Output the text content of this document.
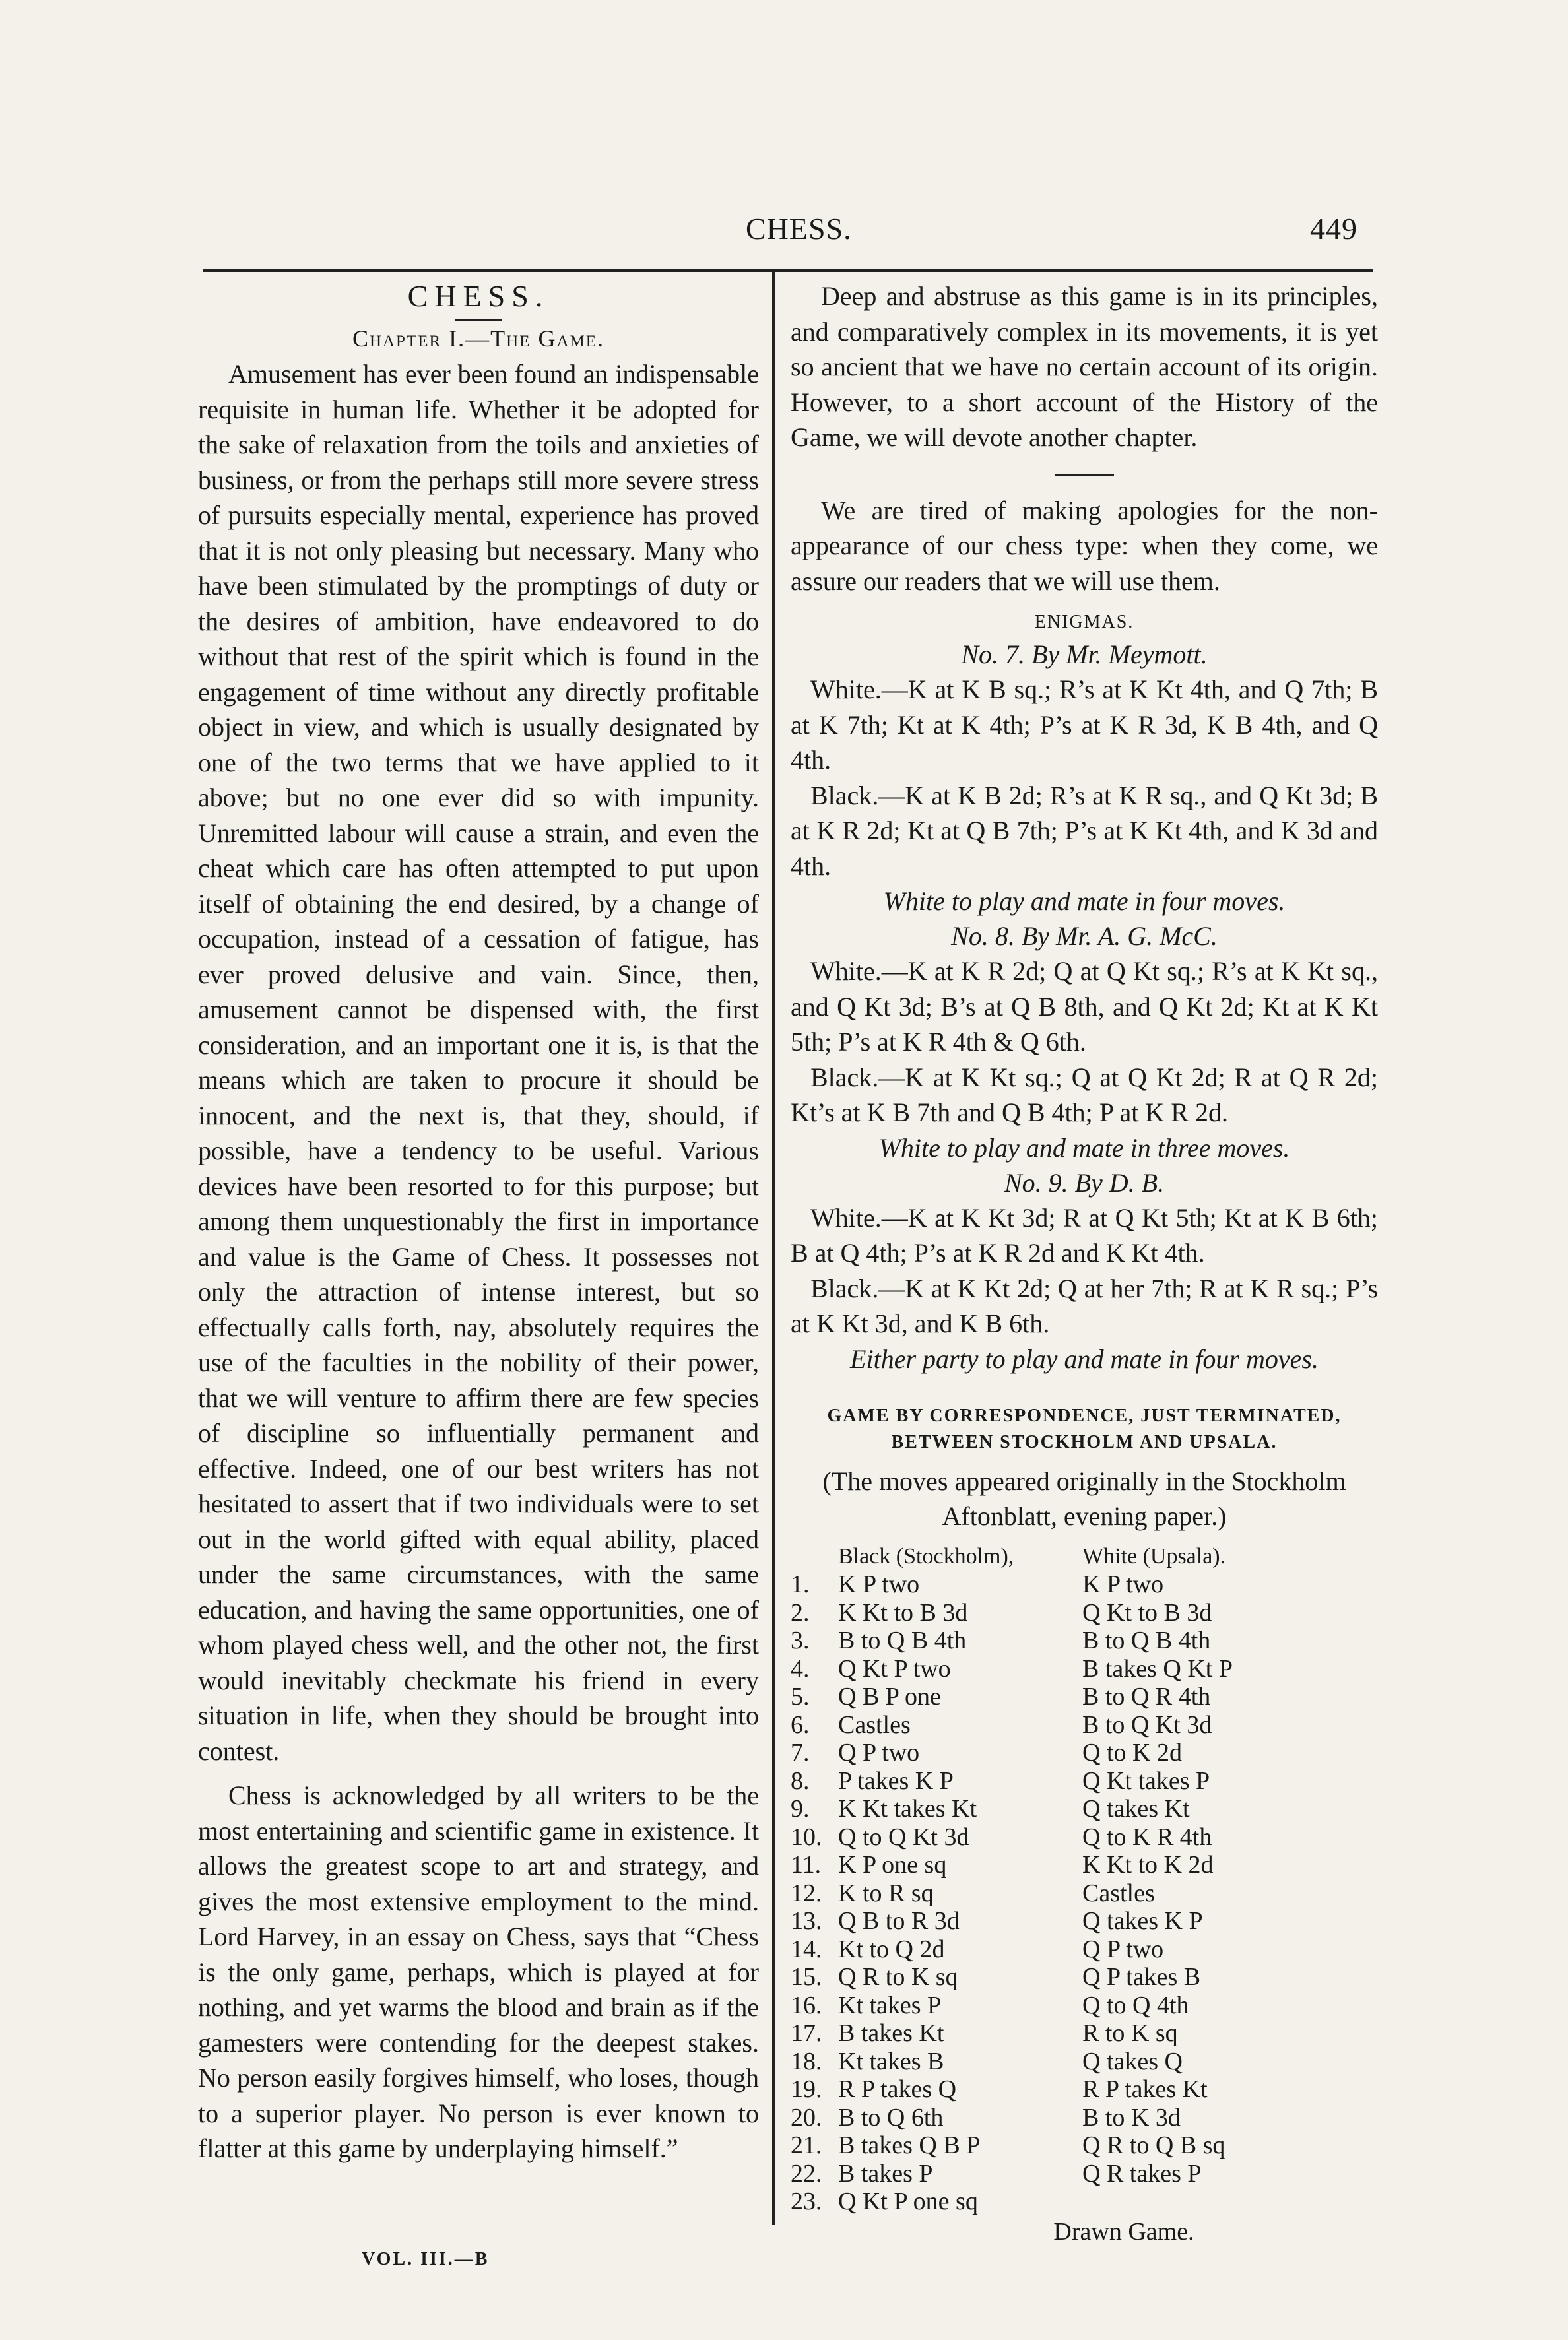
CHESS.	449
CHESS.
Chapter I.—The Game.

Amusement has ever been found an indispensable requisite in human life. Whether it be adopted for the sake of relaxation from the toils and anxieties of business, or from the perhaps still more severe stress of pursuits especially mental, experience has proved that it is not only pleasing but necessary. Many who have been stimulated by the promptings of duty or the desires of ambition, have endeavored to do without that rest of the spirit which is found in the engagement of time without any directly profitable object in view, and which is usually designated by one of the two terms that we have applied to it above; but no one ever did so with impunity. Unremitted labour will cause a strain, and even the cheat which care has often attempted to put upon itself of obtaining the end desired, by a change of occupation, instead of a cessation of fatigue, has ever proved delusive and vain. Since, then, amusement cannot be dispensed with, the first consideration, and an important one it is, is that the means which are taken to procure it should be innocent, and the next is, that they, should, if possible, have a tendency to be useful. Various devices have been resorted to for this purpose; but among them unquestionably the first in importance and value is the Game of Chess. It possesses not only the attraction of intense interest, but so effectually calls forth, nay, absolutely requires the use of the faculties in the nobility of their power, that we will venture to affirm there are few species of discipline so influentially permanent and effective. Indeed, one of our best writers has not hesitated to assert that if two individuals were to set out in the world gifted with equal ability, placed under the same circumstances, with the same education, and having the same opportunities, one of whom played chess well, and the other not, the first would inevitably checkmate his friend in every situation in life, when they should be brought into contest.

Chess is acknowledged by all writers to be the most entertaining and scientific game in existence. It allows the greatest scope to art and strategy, and gives the most extensive employment to the mind. Lord Harvey, in an essay on Chess, says that “Chess is the only game, perhaps, which is played at for nothing, and yet warms the blood and brain as if the gamesters were contending for the deepest stakes. No person easily forgives himself, who loses, though to a superior player. No person is ever known to flatter at this game by underplaying himself.”

Deep and abstruse as this game is in its principles, and comparatively complex in its movements, it is yet so ancient that we have no certain account of its origin. However, to a short account of the History of the Game, we will devote another chapter.

We are tired of making apologies for the non-appearance of our chess type: when they come, we assure our readers that we will use them.

ENIGMAS.
No. 7. By Mr. Meymott.

White.—K at K B sq.; R’s at K Kt 4th, and Q 7th; B at K 7th; Kt at K 4th; P’s at K R 3d, K B 4th, and Q 4th.

Black.—K at K B 2d; R’s at K R sq., and Q Kt 3d; B at K R 2d; Kt at Q B 7th; P’s at K Kt 4th, and K 3d and 4th.

White to play and mate in four moves.
No. 8. By Mr. A. G. McC.

White.—K at K R 2d; Q at Q Kt sq.; R’s at K Kt sq., and Q Kt 3d; B’s at Q B 8th, and Q Kt 2d; Kt at K Kt 5th; P’s at K R 4th & Q 6th.

Black.—K at K Kt sq.; Q at Q Kt 2d; R at Q R 2d; Kt’s at K B 7th and Q B 4th; P at K R 2d.

White to play and mate in three moves.
No. 9. By D. B.

White.—K at K Kt 3d; R at Q Kt 5th; Kt at K B 6th; B at Q 4th; P’s at K R 2d and K Kt 4th.

Black.—K at K Kt 2d; Q at her 7th; R at K R sq.; P’s at K Kt 3d, and K B 6th.

Either party to play and mate in four moves.
GAME BY CORRESPONDENCE, JUST TERMINATED, BETWEEN STOCKHOLM AND UPSALA.
(The moves appeared originally in the Stockholm Aftonblatt, evening paper.)
Black (Stockholm),	White (Upsala).
1.	K P two	K P two
2.	K Kt to B 3d	Q Kt to B 3d
3.	B to Q B 4th	B to Q B 4th
4.	Q Kt P two	B takes Q Kt P
5.	Q B P one	B to Q R 4th
6.	Castles	B to Q Kt 3d
7.	Q P two	Q to K 2d
8.	P takes K P	Q Kt takes P
9.	K Kt takes Kt	Q takes Kt
10. Q to Q Kt 3d	Q to K R 4th
11. K P one sq	K Kt to K 2d
12. K to R sq	Castles
13. Q B to R 3d	Q takes K P
14. Kt to Q 2d	Q P two
15. Q R to K sq	Q P takes B
16. Kt takes P	Q to Q 4th
17. B takes Kt	R to K sq
18. Kt takes B	Q takes Q
19. R P takes Q	R P takes Kt
20. B to Q 6th	B to K 3d
21. B takes Q B P	Q R to Q B sq
22. B takes P	Q R takes P
23. Q Kt P one sq
Drawn Game.
VOL. III.—B
